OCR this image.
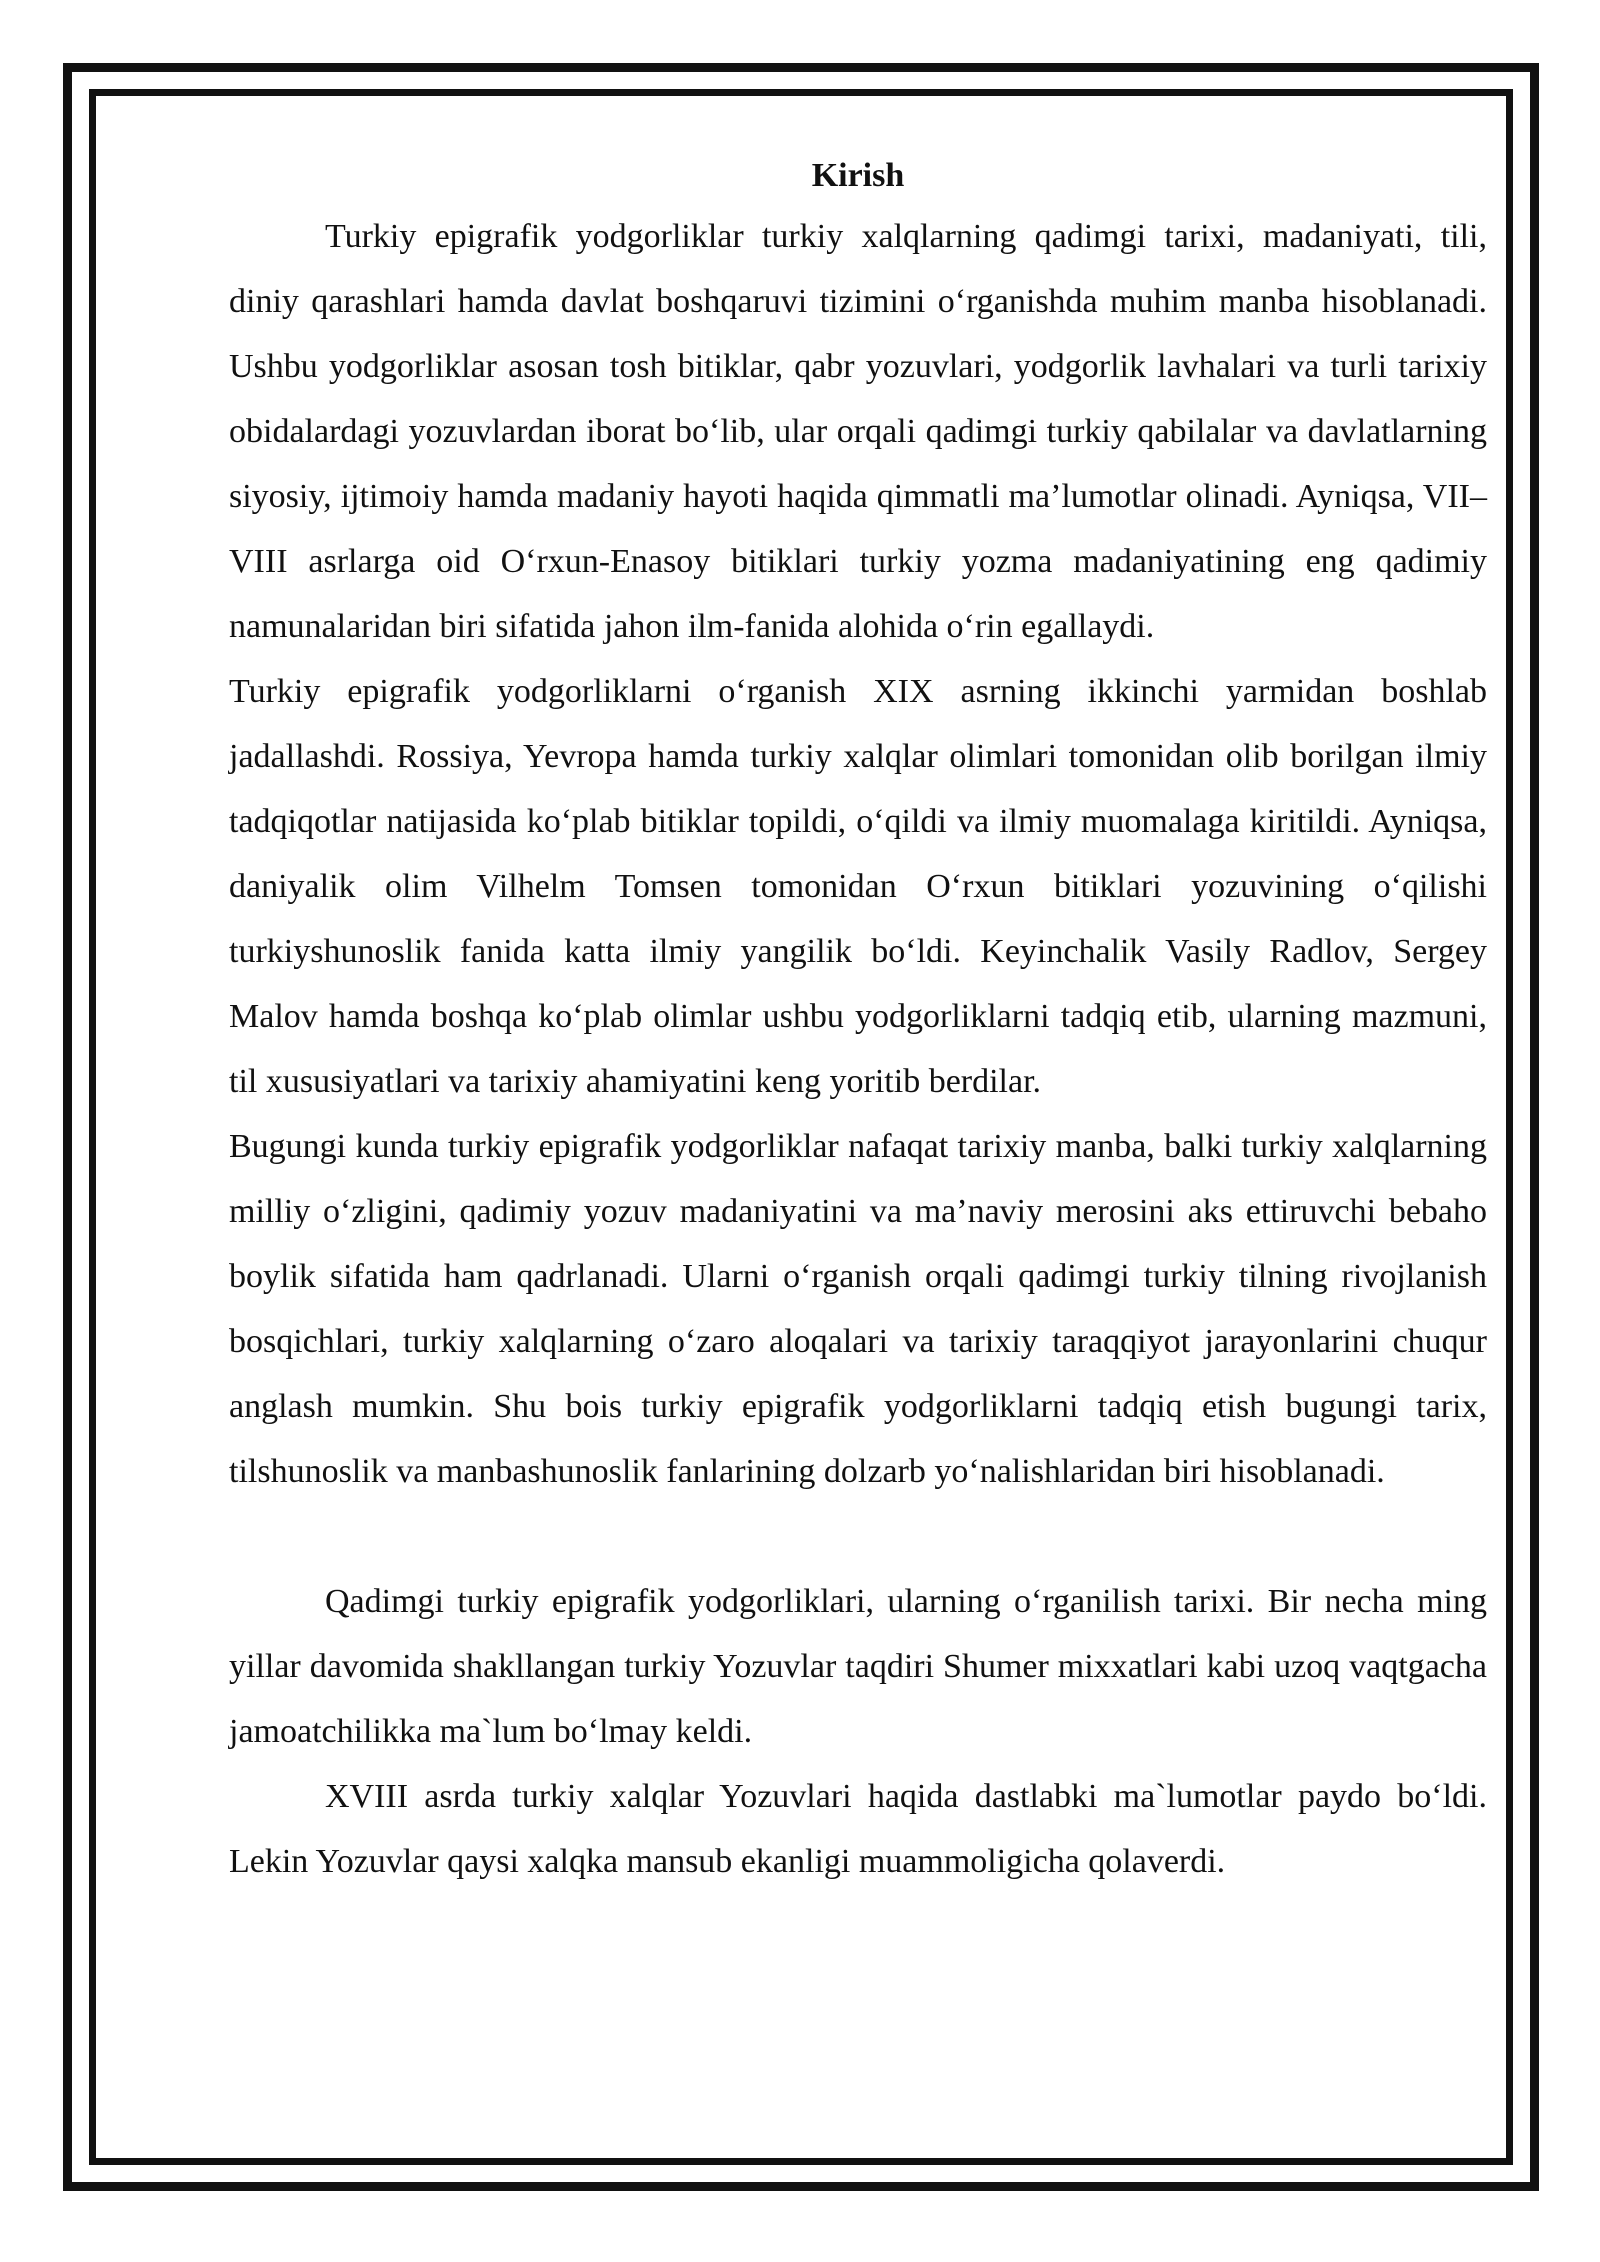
Kirish

Turkiy epigrafik yodgorliklar turkiy xalqlarning qadimgi tarixi, madaniyati, tili, diniy qarashlari hamda davlat boshqaruvi tizimini o‘rganishda muhim manba hisoblanadi. Ushbu yodgorliklar asosan tosh bitiklar, qabr yozuvlari, yodgorlik lavhalari va turli tarixiy obidalardagi yozuvlardan iborat bo‘lib, ular orqali qadimgi turkiy qabilalar va davlatlarning siyosiy, ijtimoiy hamda madaniy hayoti haqida qimmatli ma’lumotlar olinadi. Ayniqsa, VII–VIII asrlarga oid O‘rxun-Enasoy bitiklari turkiy yozma madaniyatining eng qadimiy namunalaridan biri sifatida jahon ilm-fanida alohida o‘rin egallaydi.

Turkiy epigrafik yodgorliklarni o‘rganish XIX asrning ikkinchi yarmidan boshlab jadallashdi. Rossiya, Yevropa hamda turkiy xalqlar olimlari tomonidan olib borilgan ilmiy tadqiqotlar natijasida ko‘plab bitiklar topildi, o‘qildi va ilmiy muomalaga kiritildi. Ayniqsa, daniyalik olim Vilhelm Tomsen tomonidan O‘rxun bitiklari yozuvining o‘qilishi turkiyshunoslik fanida katta ilmiy yangilik bo‘ldi. Keyinchalik Vasily Radlov, Sergey Malov hamda boshqa ko‘plab olimlar ushbu yodgorliklarni tadqiq etib, ularning mazmuni, til xususiyatlari va tarixiy ahamiyatini keng yoritib berdilar.

Bugungi kunda turkiy epigrafik yodgorliklar nafaqat tarixiy manba, balki turkiy xalqlarning milliy o‘zligini, qadimiy yozuv madaniyatini va ma’naviy merosini aks ettiruvchi bebaho boylik sifatida ham qadrlanadi. Ularni o‘rganish orqali qadimgi turkiy tilning rivojlanish bosqichlari, turkiy xalqlarning o‘zaro aloqalari va tarixiy taraqqiyot jarayonlarini chuqur anglash mumkin. Shu bois turkiy epigrafik yodgorliklarni tadqiq etish bugungi tarix, tilshunoslik va manbashunoslik fanlarining dolzarb yo‘nalishlaridan biri hisoblanadi.

Qadimgi turkiy epigrafik yodgorliklari, ularning o‘rganilish tarixi. Bir necha ming yillar davomida shakllangan turkiy Yozuvlar taqdiri Shumer mixxatlari kabi uzoq vaqtgacha jamoatchilikka ma`lum bo‘lmay keldi.

XVIII asrda turkiy xalqlar Yozuvlari haqida dastlabki ma`lumotlar paydo bo‘ldi. Lekin Yozuvlar qaysi xalqka mansub ekanligi muammoligicha qolaverdi.
